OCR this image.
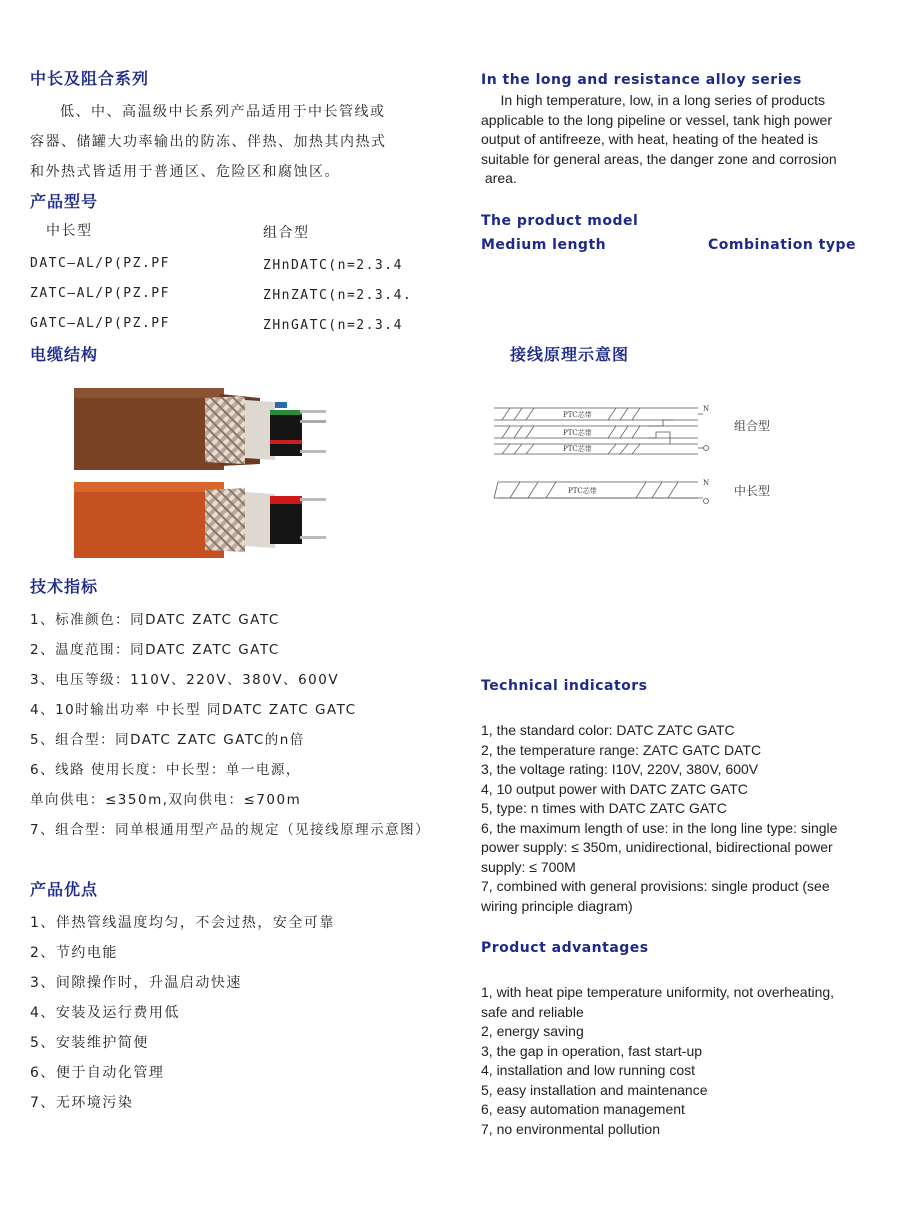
中长及阻合系列
低、中、高温级中长系列产品适用于中长管线或
容器、储罐大功率输出的防冻、伴热、加热其内热式
和外热式皆适用于普通区、危险区和腐蚀区。
产品型号
中长型	组合型
DATC—AL/P(PZ.PF
ZATC—AL/P(PZ.PF
GATC—AL/P(PZ.PF
ZHnDATC(n=2.3.4
ZHnZATC(n=2.3.4.
ZHnGATC(n=2.3.4
电缆结构
技术指标
1、标准颜色：同DATC ZATC GATC
2、温度范围：同DATC ZATC GATC
3、电压等级：110V、220V、380V、600V
4、10时输出功率 中长型 同DATC ZATC GATC
5、组合型：同DATC ZATC GATC的n倍
6、线路 使用长度：中长型：单一电源，
单向供电：≤350m,双向供电：≤700m
7、组合型：同单根通用型产品的规定（见接线原理示意图）
产品优点
1、伴热管线温度均匀，不会过热，安全可靠
2、节约电能
3、间隙操作时，升温启动快速
4、安装及运行费用低
5、安装维护简便
6、便于自动化管理
7、无环境污染
In the long and resistance alloy series
In high temperature, low, in a long series of products
applicable to the long pipeline or vessel, tank high power
output of antifreeze, with heat, heating of the heated is
suitable for general areas, the danger zone and corrosion
area.
The product model
Medium length	Combination type
接线原理示意图
PTC芯带
PTC芯带
PTC芯带
PTC芯带
N
N
组合型
中长型
Technical indicators
1, the standard color: DATC ZATC GATC
2, the temperature range: ZATC GATC DATC
3, the voltage rating: I10V, 220V, 380V, 600V
4, 10 output power with DATC ZATC GATC
5, type: n times with DATC ZATC GATC
6, the maximum length of use: in the long line type: single
power supply: ≤ 350m, unidirectional, bidirectional power
supply: ≤ 700M
7, combined with general provisions: single product (see
wiring principle diagram)
Product advantages
1, with heat pipe temperature uniformity, not overheating,
safe and reliable
2, energy saving
3, the gap in operation, fast start-up
4, installation and low running cost
5, easy installation and maintenance
6, easy automation management
7, no environmental pollution
